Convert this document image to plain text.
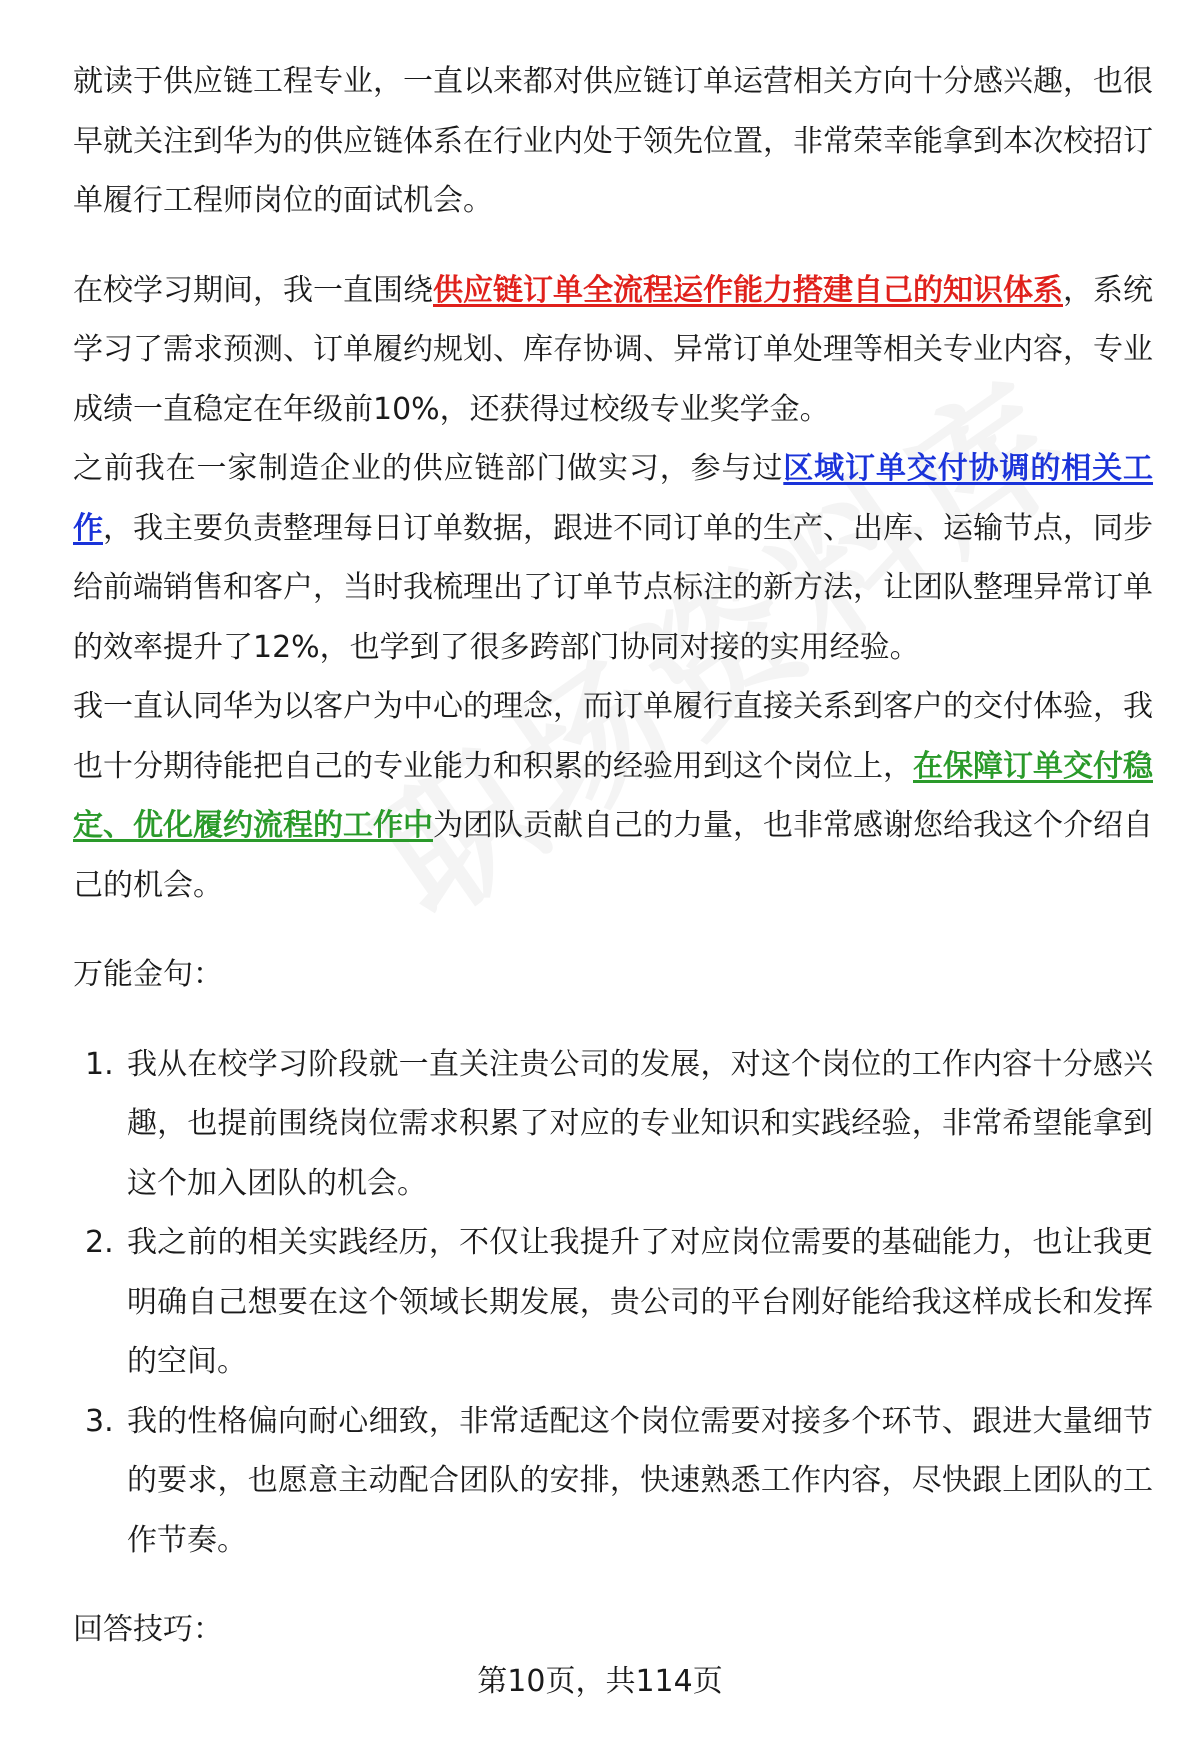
就读于供应链工程专业，一直以来都对供应链订单运营相关方向十分感兴趣，也很早就关注到华为的供应链体系在行业内处于领先位置，非常荣幸能拿到本次校招订单履行工程师岗位的面试机会。

在校学习期间，我一直围绕供应链订单全流程运作能力搭建自己的知识体系，系统学习了需求预测、订单履约规划、库存协调、异常订单处理等相关专业内容，专业成绩一直稳定在年级前10%，还获得过校级专业奖学金。

之前我在一家制造企业的供应链部门做实习，参与过区域订单交付协调的相关工作，我主要负责整理每日订单数据，跟进不同订单的生产、出库、运输节点，同步给前端销售和客户，当时我梳理出了订单节点标注的新方法，让团队整理异常订单的效率提升了12%，也学到了很多跨部门协同对接的实用经验。

我一直认同华为以客户为中心的理念，而订单履行直接关系到客户的交付体验，我也十分期待能把自己的专业能力和积累的经验用到这个岗位上，在保障订单交付稳定、优化履约流程的工作中为团队贡献自己的力量，也非常感谢您给我这个介绍自己的机会。

万能金句：

1. 我从在校学习阶段就一直关注贵公司的发展，对这个岗位的工作内容十分感兴趣，也提前围绕岗位需求积累了对应的专业知识和实践经验，非常希望能拿到这个加入团队的机会。
2. 我之前的相关实践经历，不仅让我提升了对应岗位需要的基础能力，也让我更明确自己想要在这个领域长期发展，贵公司的平台刚好能给我这样成长和发挥的空间。
3. 我的性格偏向耐心细致，非常适配这个岗位需要对接多个环节、跟进大量细节的要求，也愿意主动配合团队的安排，快速熟悉工作内容，尽快跟上团队的工作节奏。

回答技巧：

第10页，共114页
